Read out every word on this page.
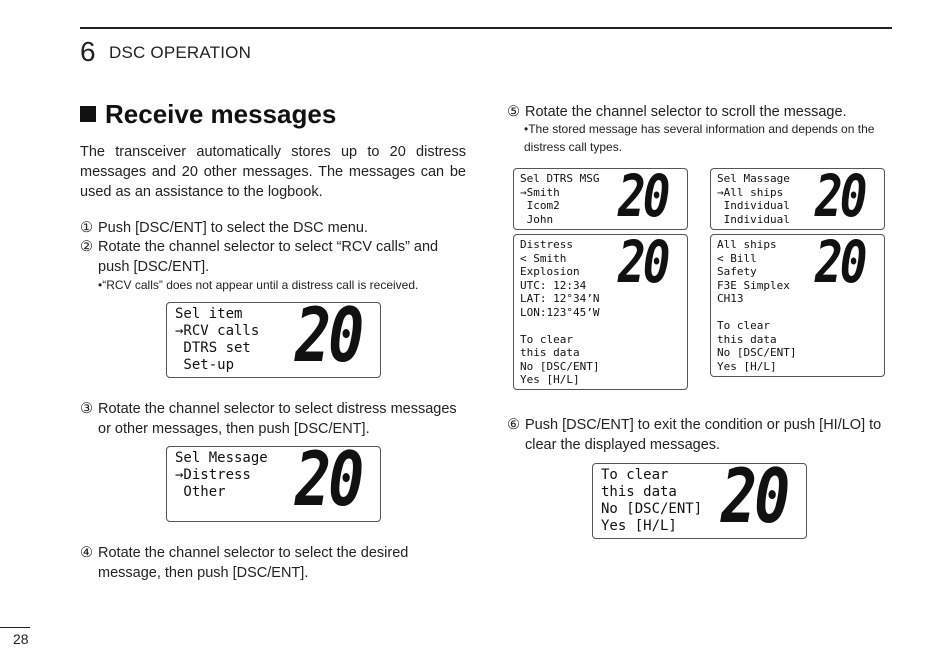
6 DSC OPERATION
Receive messages
The transceiver automatically stores up to 20 distress messages and 20 other messages. The messages can be used as an assistance to the logbook.
① Push [DSC/ENT] to select the DSC menu.
② Rotate the channel selector to select “RCV calls” and push [DSC/ENT].
•“RCV calls” does not appear until a distress call is received.
Sel item
→RCV calls
DTRS set
Set-up	20
③ Rotate the channel selector to select distress messages or other messages, then push [DSC/ENT].
Sel Message
→Distress
Other	20
④ Rotate the channel selector to select the desired message, then push [DSC/ENT].
⑤ Rotate the channel selector to scroll the message.
•The stored message has several information and depends on the distress call types.
Sel DTRS MSG
→Smith
Icom2
John	20	Sel Massage
→All ships
Individual
Individual 20
Distress
< Smith
Explosion
UTC: 12:34
LAT: 12°34’N
LON:123°45’W

To clear
this data
No [DSC/ENT]
Yes [H/L]
20	All ships
< Bill
Safety
F3E Simplex
CH13

To clear
this data
No [DSC/ENT]
Yes [H/L]
20
⑥ Push [DSC/ENT] to exit the condition or push [HI/LO] to clear the displayed messages.
To clear
this data
No [DSC/ENT]
Yes [H/L] 20
28
